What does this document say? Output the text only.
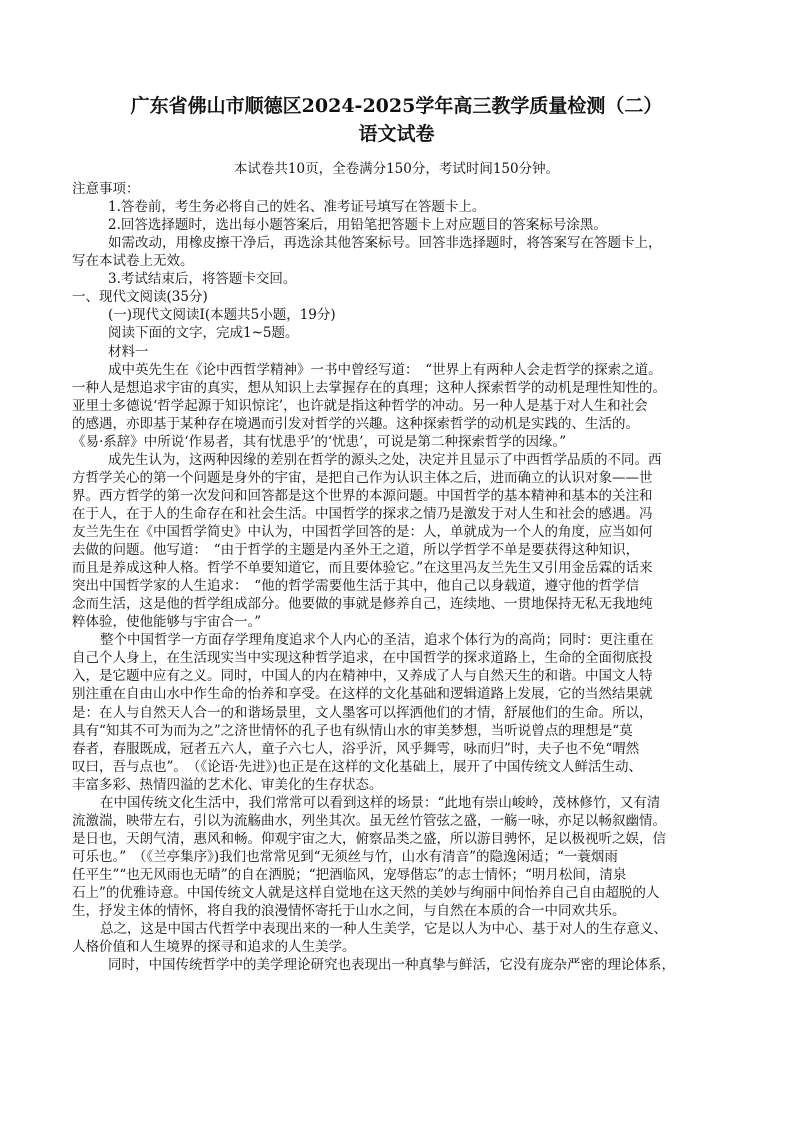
广东省佛山市顺德区2024-2025学年高三教学质量检测（二）
语文试卷
本试卷共10页，全卷满分150分，考试时间150分钟。
注意事项：
1.答卷前，考生务必将自己的姓名、准考证号填写在答题卡上。
2.回答选择题时，选出每小题答案后，用铅笔把答题卡上对应题目的答案标号涂黑。
如需改动，用橡皮擦干净后，再选涂其他答案标号。回答非选择题时，将答案写在答题卡上，
写在本试卷上无效。
3.考试结束后，将答题卡交回。
一、现代文阅读(35分)
(一)现代文阅读Ⅰ(本题共5小题，19分)
阅读下面的文字，完成1~5题。
材料一
成中英先生在《论中西哲学精神》一书中曾经写道：　“世界上有两种人会走哲学的探索之道。
一种人是想追求宇宙的真实，想从知识上去掌握存在的真理；这种人探索哲学的动机是理性知性的。
亚里士多德说‘哲学起源于知识惊诧’，也许就是指这种哲学的冲动。另一种人是基于对人生和社会
的感遇，亦即基于某种存在境遇而引发对哲学的兴趣。这种探索哲学的动机是实践的、生活的。
《易·系辞》中所说‘作易者，其有忧患乎’的‘忧患’，可说是第二种探索哲学的因缘。”
成先生认为，这两种因缘的差别在哲学的源头之处，决定并且显示了中西哲学品质的不同。西
方哲学关心的第一个问题是身外的宇宙，是把自己作为认识主体之后，进而确立的认识对象——世
界。西方哲学的第一次发问和回答都是这个世界的本源问题。中国哲学的基本精神和基本的关注和
在于人，在于人的生命存在和社会生活。中国哲学的探求之情乃是激发于对人生和社会的感遇。冯
友兰先生在《中国哲学简史》中认为，中国哲学回答的是：人，单就成为一个人的角度，应当如何
去做的问题。他写道：　“由于哲学的主题是内圣外王之道，所以学哲学不单是要获得这种知识，
而且是养成这种人格。哲学不单要知道它，而且要体验它。”在这里冯友兰先生又引用金岳霖的话来
突出中国哲学家的人生追求：　“他的哲学需要他生活于其中，他自己以身载道，遵守他的哲学信
念而生活，这是他的哲学组成部分。他要做的事就是修养自己，连续地、一贯地保持无私无我地纯
粹体验，使他能够与宇宙合一。”
整个中国哲学一方面存学理角度追求个人内心的圣洁，追求个体行为的高尚；同时：更注重在
自己个人身上，在生活现实当中实现这种哲学追求，在中国哲学的探求道路上，生命的全面彻底投
入，是它题中应有之义。同时，中国人的内在精神中，又养成了人与自然天生的和谐。中国文人特
别注重在自由山水中作生命的怡养和享受。在这样的文化基础和逻辑道路上发展，它的当然结果就
是：在人与自然天人合一的和谐场景里，文人墨客可以挥洒他们的才情，舒展他们的生命。所以，
具有“知其不可为而为之”之济世情怀的孔子也有纵情山水的审美梦想，当听说曾点的理想是“莫
春者，春服既成，冠者五六人，童子六七人，浴乎沂，风乎舞雩，咏而归”时，夫子也不免“喟然
叹曰，吾与点也”。　（《论语·先进》)也正是在这样的文化基础上，展开了中国传统文人鲜活生动、
丰富多彩、热情四溢的艺术化、审美化的生存状态。
在中国传统文化生活中，我们常常可以看到这样的场景：“此地有崇山峻岭，茂林修竹，又有清
流激湍，映带左右，引以为流觞曲水，列坐其次。虽无丝竹管弦之盛，一觞一咏，亦足以畅叙幽情。
是日也，天朗气清，惠风和畅。仰观宇宙之大，俯察品类之盛，所以游目骋怀，足以极视听之娱，信
可乐也。”　（《兰亭集序》)我们也常常见到“无须丝与竹，山水有清音”的隐逸闲适；“一蓑烟雨
任平生”“也无风雨也无晴”的自在洒脱；“把酒临风，宠辱偕忘”的志士情怀；“明月松间，清泉
石上”的优雅诗意。中国传统文人就是这样自觉地在这天然的美妙与绚丽中间怡养自己自由超脱的人
生，抒发主体的情怀，将自我的浪漫情怀寄托于山水之间，与自然在本质的合一中同欢共乐。
总之，这是中国古代哲学中表现出来的一种人生美学，它是以人为中心、基于对人的生存意义、
人格价值和人生境界的探寻和追求的人生美学。
同时，中国传统哲学中的美学理论研究也表现出一种真挚与鲜活，它没有庞杂严密的理论体系，
